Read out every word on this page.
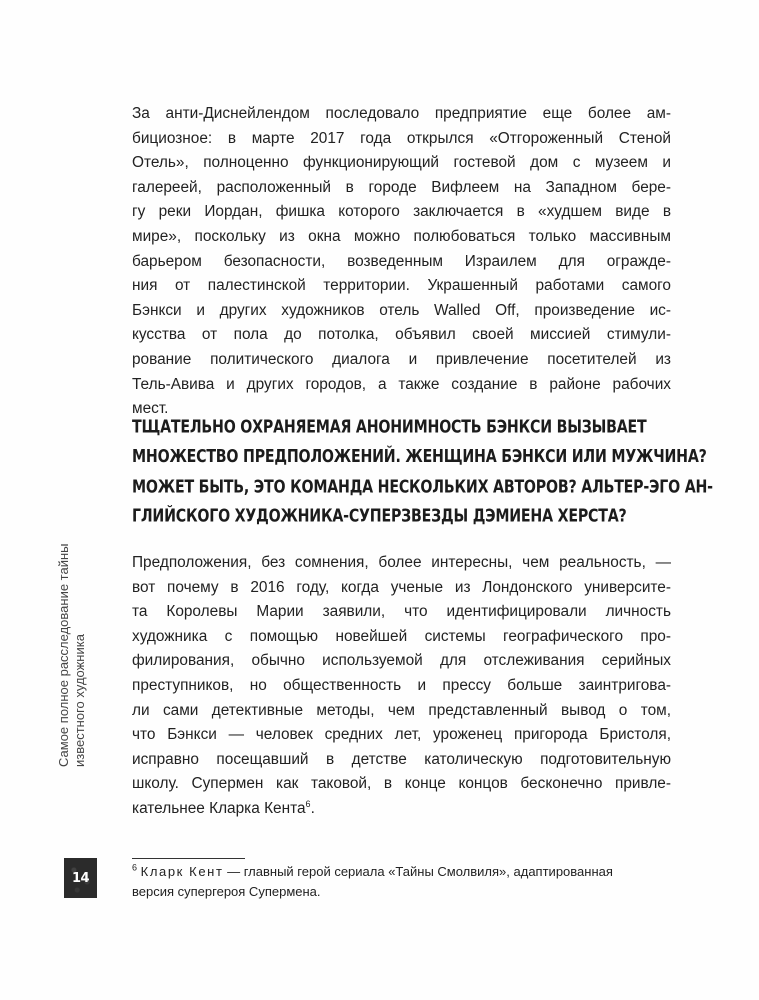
За анти-Диснейлендом последовало предприятие еще более ам-
бициозное: в марте 2017 года открылся «Отгороженный Стеной
Отель», полноценно функционирующий гостевой дом с музеем и
галереей, расположенный в городе Вифлеем на Западном бере-
гу реки Иордан, фишка которого заключается в «худшем виде в
мире», поскольку из окна можно полюбоваться только массивным
барьером безопасности, возведенным Израилем для огражде-
ния от палестинской территории. Украшенный работами самого
Бэнкси и других художников отель Walled Off, произведение ис-
кусства от пола до потолка, объявил своей миссией стимули-
рование политического диалога и привлечение посетителей из
Тель-Авива и других городов, а также создание в районе рабочих
мест.
ТЩАТЕЛЬНО ОХРАНЯЕМАЯ АНОНИМНОСТЬ БЭНКСИ ВЫЗЫВАЕТ
МНОЖЕСТВО ПРЕДПОЛОЖЕНИЙ. ЖЕНЩИНА БЭНКСИ ИЛИ МУЖЧИНА?
МОЖЕТ БЫТЬ, ЭТО КОМАНДА НЕСКОЛЬКИХ АВТОРОВ? АЛЬТЕР-ЭГО АН-
ГЛИЙСКОГО ХУДОЖНИКА-СУПЕРЗВЕЗДЫ ДЭМИЕНА ХЕРСТА?
Предположения, без сомнения, более интересны, чем реальность, —
вот почему в 2016 году, когда ученые из Лондонского университе-
та Королевы Марии заявили, что идентифицировали личность
художника с помощью новейшей системы географического про-
филирования, обычно используемой для отслеживания серийных
преступников, но общественность и прессу больше заинтригова-
ли сами детективные методы, чем представленный вывод о том,
что Бэнкси — человек средних лет, уроженец пригорода Бристоля,
исправно посещавший в детстве католическую подготовительную
школу. Супермен как таковой, в конце концов бесконечно привле-
кательнее Кларка Кента$^6$.
Самое полное расследование тайны известного художника
14
$^6$ Кларк Кент — главный герой сериала «Тайны Смолвиля», адаптированная
версия супергероя Супермена.
